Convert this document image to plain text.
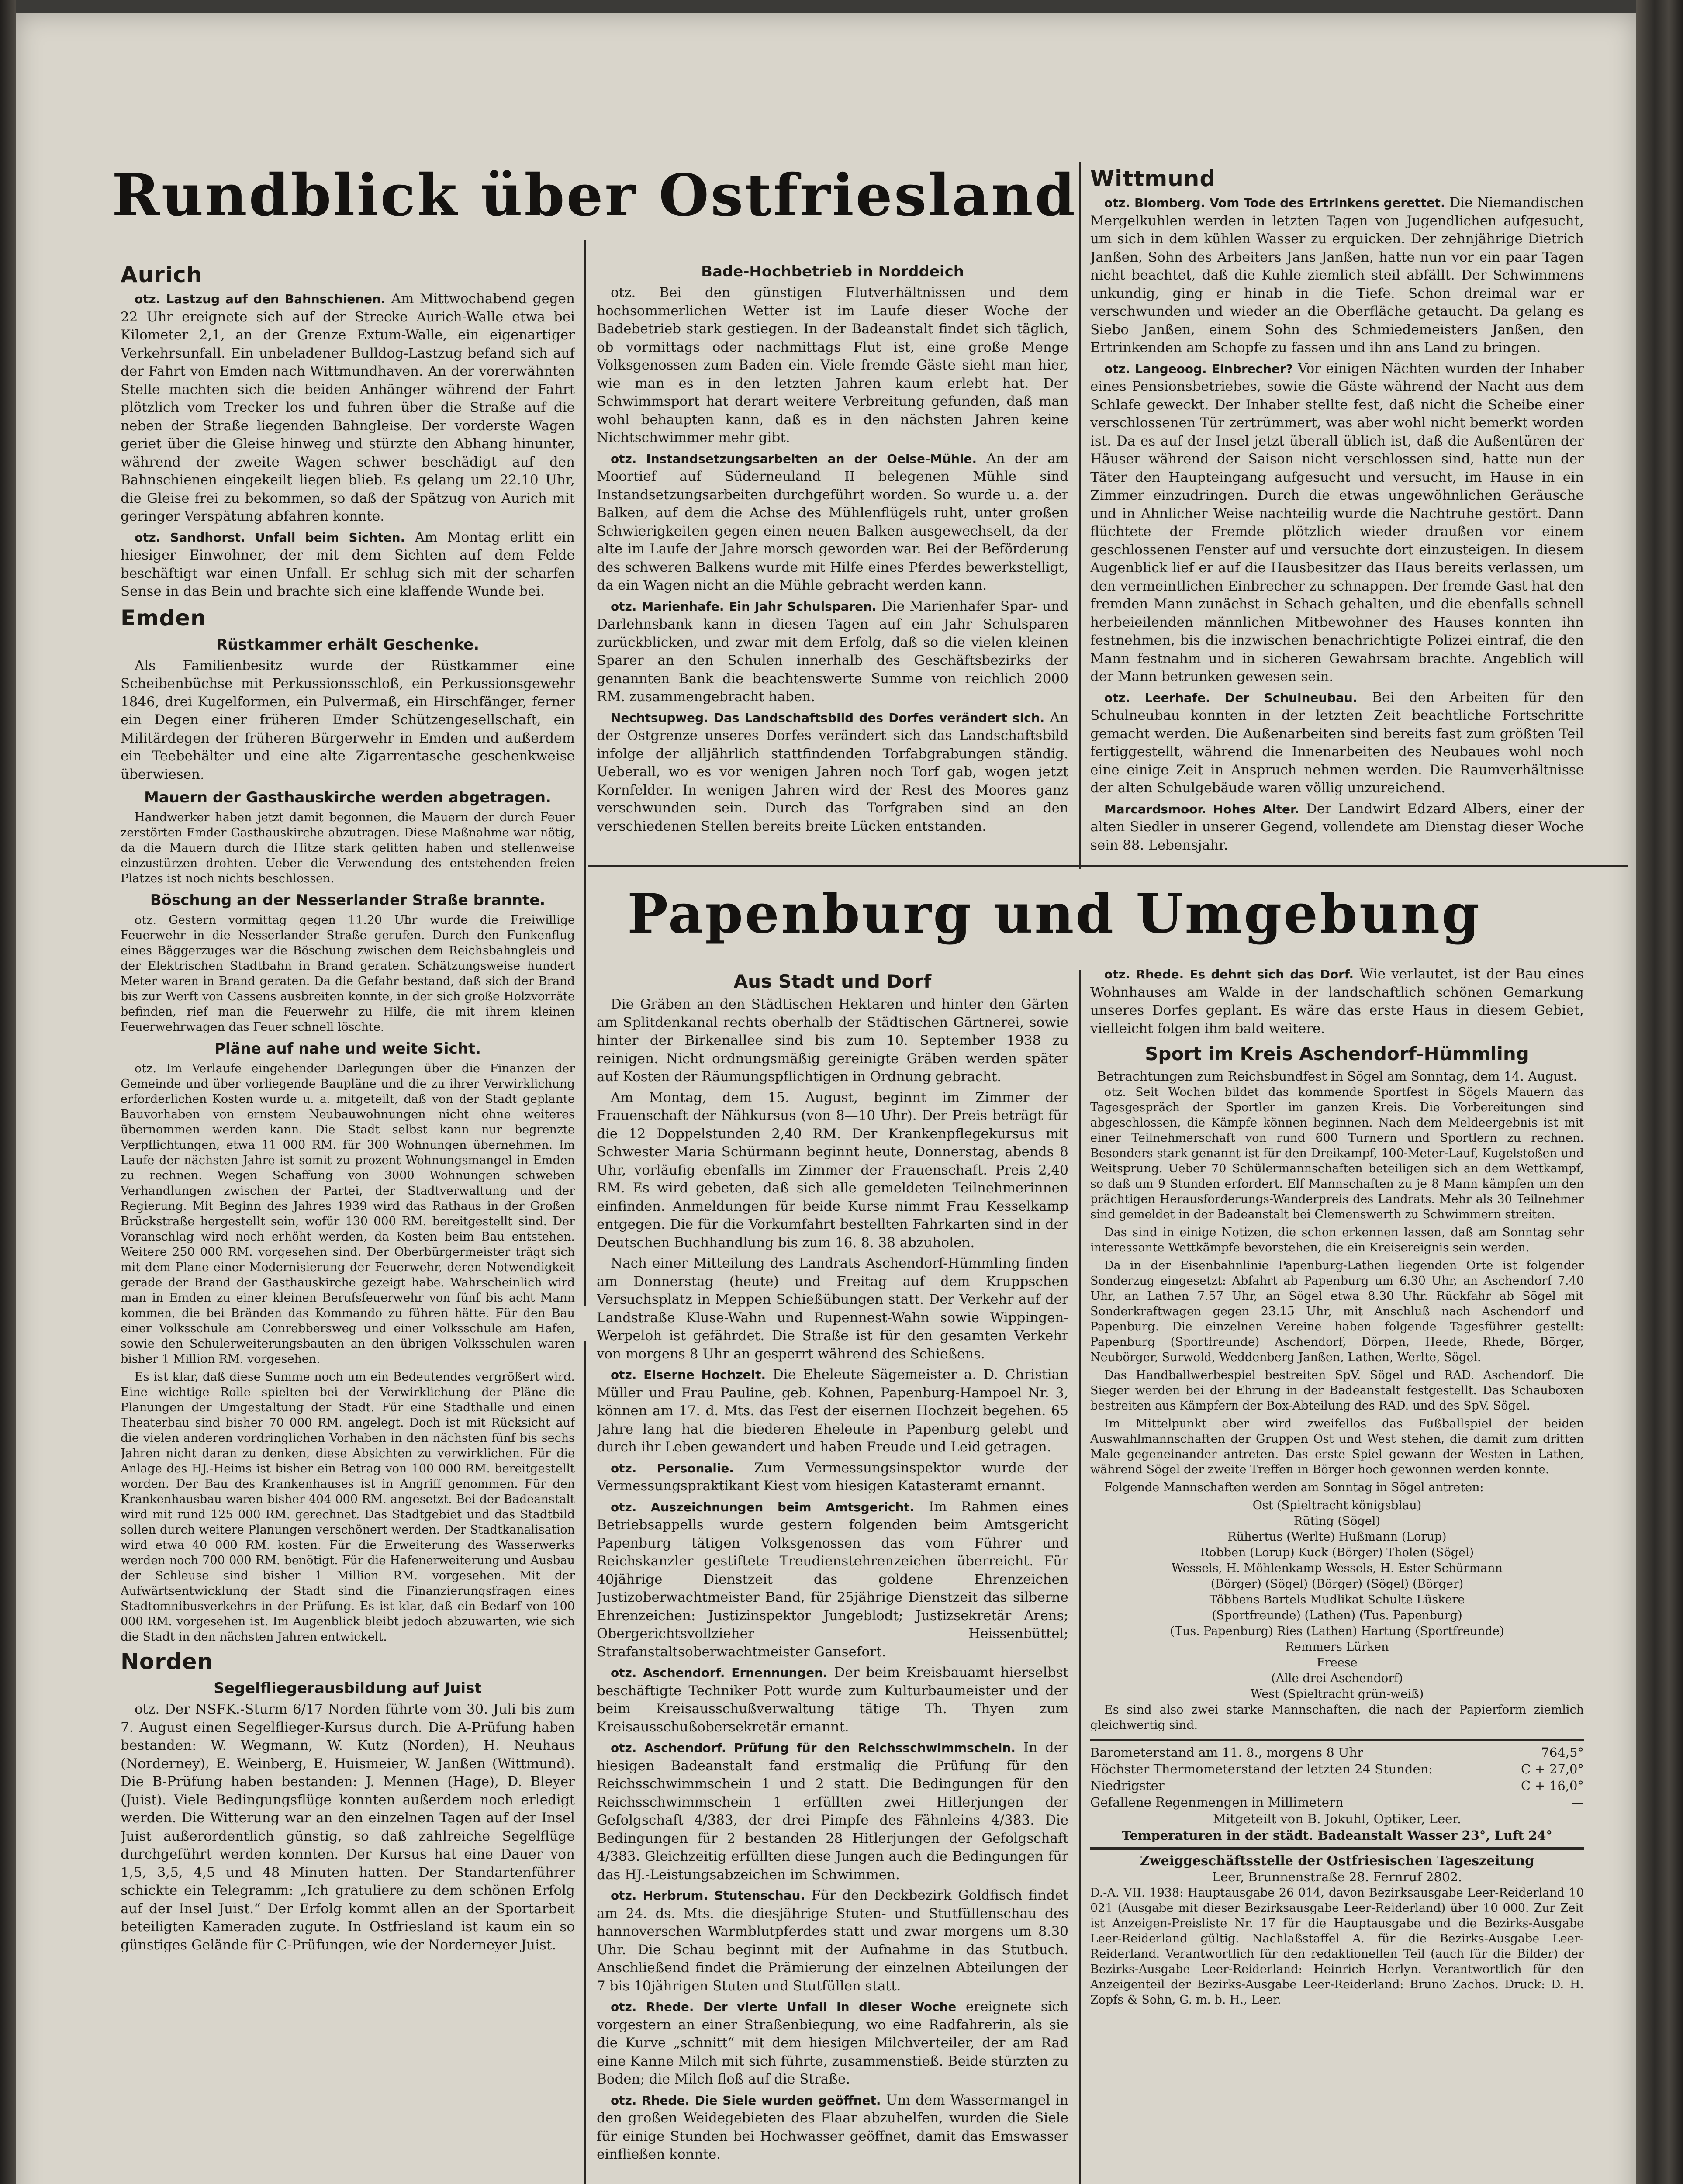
Rundblick über Ostfriesland
Aurich

otz. Lastzug auf den Bahnschienen. Am Mittwochabend gegen 22 Uhr ereignete sich auf der Strecke Aurich-Walle etwa bei Kilometer 2,1, an der Grenze Extum-Walle, ein eigenartiger Verkehrsunfall. Ein unbeladener Bulldog-Lastzug befand sich auf der Fahrt von Emden nach Wittmundhaven. An der vorerwähnten Stelle machten sich die beiden Anhänger während der Fahrt plötzlich vom Trecker los und fuhren über die Straße auf die neben der Straße liegenden Bahngleise. Der vorderste Wagen geriet über die Gleise hinweg und stürzte den Abhang hinunter, während der zweite Wagen schwer beschädigt auf den Bahnschienen eingekeilt liegen blieb. Es gelang um 22.10 Uhr, die Gleise frei zu bekommen, so daß der Spätzug von Aurich mit geringer Verspätung abfahren konnte.

otz. Sandhorst. Unfall beim Sichten. Am Montag erlitt ein hiesiger Einwohner, der mit dem Sichten auf dem Felde beschäftigt war einen Unfall. Er schlug sich mit der scharfen Sense in das Bein und brachte sich eine klaffende Wunde bei.

Emden
Rüstkammer erhält Geschenke.

Als Familienbesitz wurde der Rüstkammer eine Scheibenbüchse mit Perkussionsschloß, ein Perkussionsgewehr 1846, drei Kugelformen, ein Pulvermaß, ein Hirschfänger, ferner ein Degen einer früheren Emder Schützengesellschaft, ein Militärdegen der früheren Bürgerwehr in Emden und außerdem ein Teebehälter und eine alte Zigarrentasche geschenkweise überwiesen.

Mauern der Gasthauskirche werden abgetragen.

Handwerker haben jetzt damit begonnen, die Mauern der durch Feuer zerstörten Emder Gasthauskirche abzutragen. Diese Maßnahme war nötig, da die Mauern durch die Hitze stark gelitten haben und stellenweise einzustürzen drohten. Ueber die Verwendung des entstehenden freien Platzes ist noch nichts beschlossen.

Böschung an der Nesserlander Straße brannte.

otz. Gestern vormittag gegen 11.20 Uhr wurde die Freiwillige Feuerwehr in die Nesserlander Straße gerufen. Durch den Funkenflug eines Bäggerzuges war die Böschung zwischen dem Reichsbahngleis und der Elektrischen Stadtbahn in Brand geraten. Schätzungsweise hundert Meter waren in Brand geraten. Da die Gefahr bestand, daß sich der Brand bis zur Werft von Cassens ausbreiten konnte, in der sich große Holzvorräte befinden, rief man die Feuerwehr zu Hilfe, die mit ihrem kleinen Feuerwehrwagen das Feuer schnell löschte.

Pläne auf nahe und weite Sicht.

otz. Im Verlaufe eingehender Darlegungen über die Finanzen der Gemeinde und über vorliegende Baupläne und die zu ihrer Verwirklichung erforderlichen Kosten wurde u. a. mitgeteilt, daß von der Stadt geplante Bauvorhaben von ernstem Neubauwohnungen nicht ohne weiteres übernommen werden kann. Die Stadt selbst kann nur begrenzte Verpflichtungen, etwa 11 000 RM. für 300 Wohnungen übernehmen. Im Laufe der nächsten Jahre ist somit zu prozent Wohnungsmangel in Emden zu rechnen. Wegen Schaffung von 3000 Wohnungen schweben Verhandlungen zwischen der Partei, der Stadtverwaltung und der Regierung. Mit Beginn des Jahres 1939 wird das Rathaus in der Großen Brückstraße hergestellt sein, wofür 130 000 RM. bereitgestellt sind. Der Voranschlag wird noch erhöht werden, da Kosten beim Bau entstehen. Weitere 250 000 RM. vorgesehen sind. Der Oberbürgermeister trägt sich mit dem Plane einer Modernisierung der Feuerwehr, deren Notwendigkeit gerade der Brand der Gasthauskirche gezeigt habe. Wahrscheinlich wird man in Emden zu einer kleinen Berufsfeuerwehr von fünf bis acht Mann kommen, die bei Bränden das Kommando zu führen hätte. Für den Bau einer Volksschule am Conrebbersweg und einer Volksschule am Hafen, sowie den Schulerweiterungsbauten an den übrigen Volksschulen waren bisher 1 Million RM. vorgesehen.

Es ist klar, daß diese Summe noch um ein Bedeutendes vergrößert wird. Eine wichtige Rolle spielten bei der Verwirklichung der Pläne die Planungen der Umgestaltung der Stadt. Für eine Stadthalle und einen Theaterbau sind bisher 70 000 RM. angelegt. Doch ist mit Rücksicht auf die vielen anderen vordringlichen Vorhaben in den nächsten fünf bis sechs Jahren nicht daran zu denken, diese Absichten zu verwirklichen. Für die Anlage des HJ.-Heims ist bisher ein Betrag von 100 000 RM. bereitgestellt worden. Der Bau des Krankenhauses ist in Angriff genommen. Für den Krankenhausbau waren bisher 404 000 RM. angesetzt. Bei der Badeanstalt wird mit rund 125 000 RM. gerechnet. Das Stadtgebiet und das Stadtbild sollen durch weitere Planungen verschönert werden. Der Stadtkanalisation wird etwa 40 000 RM. kosten. Für die Erweiterung des Wasserwerks werden noch 700 000 RM. benötigt. Für die Hafenerweiterung und Ausbau der Schleuse sind bisher 1 Million RM. vorgesehen. Mit der Aufwärtsentwicklung der Stadt sind die Finanzierungsfragen eines Stadtomnibusverkehrs in der Prüfung. Es ist klar, daß ein Bedarf von 100 000 RM. vorgesehen ist. Im Augenblick bleibt jedoch abzuwarten, wie sich die Stadt in den nächsten Jahren entwickelt.

Norden
Segelfliegerausbildung auf Juist

otz. Der NSFK.-Sturm 6/17 Norden führte vom 30. Juli bis zum 7. August einen Segelflieger-Kursus durch. Die A-Prüfung haben bestanden: W. Wegmann, W. Kutz (Norden), H. Neuhaus (Norderney), E. Weinberg, E. Huismeier, W. Janßen (Wittmund). Die B-Prüfung haben bestanden: J. Mennen (Hage), D. Bleyer (Juist). Viele Bedingungsflüge konnten außerdem noch erledigt werden. Die Witterung war an den einzelnen Tagen auf der Insel Juist außerordentlich günstig, so daß zahlreiche Segelflüge durchgeführt werden konnten. Der Kursus hat eine Dauer von 1,5, 3,5, 4,5 und 48 Minuten hatten. Der Standartenführer schickte ein Telegramm: „Ich gratuliere zu dem schönen Erfolg auf der Insel Juist.“ Der Erfolg kommt allen an der Sportarbeit beteiligten Kameraden zugute. In Ostfriesland ist kaum ein so günstiges Gelände für C-Prüfungen, wie der Norderneyer Juist.

Bade-Hochbetrieb in Norddeich

otz. Bei den günstigen Flutverhältnissen und dem hochsommerlichen Wetter ist im Laufe dieser Woche der Badebetrieb stark gestiegen. In der Badeanstalt findet sich täglich, ob vormittags oder nachmittags Flut ist, eine große Menge Volksgenossen zum Baden ein. Viele fremde Gäste sieht man hier, wie man es in den letzten Jahren kaum erlebt hat. Der Schwimmsport hat derart weitere Verbreitung gefunden, daß man wohl behaupten kann, daß es in den nächsten Jahren keine Nichtschwimmer mehr gibt.

otz. Instandsetzungsarbeiten an der Oelse-Mühle. An der am Moortief auf Süderneuland II belegenen Mühle sind Instandsetzungsarbeiten durchgeführt worden. So wurde u. a. der Balken, auf dem die Achse des Mühlenflügels ruht, unter großen Schwierigkeiten gegen einen neuen Balken ausgewechselt, da der alte im Laufe der Jahre morsch geworden war. Bei der Beförderung des schweren Balkens wurde mit Hilfe eines Pferdes bewerkstelligt, da ein Wagen nicht an die Mühle gebracht werden kann.

otz. Marienhafe. Ein Jahr Schulsparen. Die Marienhafer Spar- und Darlehnsbank kann in diesen Tagen auf ein Jahr Schulsparen zurückblicken, und zwar mit dem Erfolg, daß so die vielen kleinen Sparer an den Schulen innerhalb des Geschäftsbezirks der genannten Bank die beachtenswerte Summe von reichlich 2000 RM. zusammengebracht haben.

Nechtsupweg. Das Landschaftsbild des Dorfes verändert sich. An der Ostgrenze unseres Dorfes verändert sich das Landschaftsbild infolge der alljährlich stattfindenden Torfabgrabungen ständig. Ueberall, wo es vor wenigen Jahren noch Torf gab, wogen jetzt Kornfelder. In wenigen Jahren wird der Rest des Moores ganz verschwunden sein. Durch das Torfgraben sind an den verschiedenen Stellen bereits breite Lücken entstanden.

Wittmund

otz. Blomberg. Vom Tode des Ertrinkens gerettet. Die Niemandischen Mergelkuhlen werden in letzten Tagen von Jugendlichen aufgesucht, um sich in dem kühlen Wasser zu erquicken. Der zehnjährige Dietrich Janßen, Sohn des Arbeiters Jans Janßen, hatte nun vor ein paar Tagen nicht beachtet, daß die Kuhle ziemlich steil abfällt. Der Schwimmens unkundig, ging er hinab in die Tiefe. Schon dreimal war er verschwunden und wieder an die Oberfläche getaucht. Da gelang es Siebo Janßen, einem Sohn des Schmiedemeisters Janßen, den Ertrinkenden am Schopfe zu fassen und ihn ans Land zu bringen.

otz. Langeoog. Einbrecher? Vor einigen Nächten wurden der Inhaber eines Pensionsbetriebes, sowie die Gäste während der Nacht aus dem Schlafe geweckt. Der Inhaber stellte fest, daß nicht die Scheibe einer verschlossenen Tür zertrümmert, was aber wohl nicht bemerkt worden ist. Da es auf der Insel jetzt überall üblich ist, daß die Außentüren der Häuser während der Saison nicht verschlossen sind, hatte nun der Täter den Haupteingang aufgesucht und versucht, im Hause in ein Zimmer einzudringen. Durch die etwas ungewöhnlichen Geräusche und in Ahnlicher Weise nachteilig wurde die Nachtruhe gestört. Dann flüchtete der Fremde plötzlich wieder draußen vor einem geschlossenen Fenster auf und versuchte dort einzusteigen. In diesem Augenblick lief er auf die Hausbesitzer das Haus bereits verlassen, um den vermeintlichen Einbrecher zu schnappen. Der fremde Gast hat den fremden Mann zunächst in Schach gehalten, und die ebenfalls schnell herbeieilenden männlichen Mitbewohner des Hauses konnten ihn festnehmen, bis die inzwischen benachrichtigte Polizei eintraf, die den Mann festnahm und in sicheren Gewahrsam brachte. Angeblich will der Mann betrunken gewesen sein.

otz. Leerhafe. Der Schulneubau. Bei den Arbeiten für den Schulneubau konnten in der letzten Zeit beachtliche Fortschritte gemacht werden. Die Außenarbeiten sind bereits fast zum größten Teil fertiggestellt, während die Innenarbeiten des Neubaues wohl noch eine einige Zeit in Anspruch nehmen werden. Die Raumverhältnisse der alten Schulgebäude waren völlig unzureichend.

Marcardsmoor. Hohes Alter. Der Landwirt Edzard Albers, einer der alten Siedler in unserer Gegend, vollendete am Dienstag dieser Woche sein 88. Lebensjahr.

Papenburg und Umgebung
Aus Stadt und Dorf

Die Gräben an den Städtischen Hektaren und hinter den Gärten am Splitdenkanal rechts oberhalb der Städtischen Gärtnerei, sowie hinter der Birkenallee sind bis zum 10. September 1938 zu reinigen. Nicht ordnungsmäßig gereinigte Gräben werden später auf Kosten der Räumungspflichtigen in Ordnung gebracht.

Am Montag, dem 15. August, beginnt im Zimmer der Frauenschaft der Nähkursus (von 8—10 Uhr). Der Preis beträgt für die 12 Doppelstunden 2,40 RM. Der Krankenpflegekursus mit Schwester Maria Schürmann beginnt heute, Donnerstag, abends 8 Uhr, vorläufig ebenfalls im Zimmer der Frauenschaft. Preis 2,40 RM. Es wird gebeten, daß sich alle gemeldeten Teilnehmerinnen einfinden. Anmeldungen für beide Kurse nimmt Frau Kesselkamp entgegen. Die für die Vorkumfahrt bestellten Fahrkarten sind in der Deutschen Buchhandlung bis zum 16. 8. 38 abzuholen.

Nach einer Mitteilung des Landrats Aschendorf-Hümmling finden am Donnerstag (heute) und Freitag auf dem Kruppschen Versuchsplatz in Meppen Schießübungen statt. Der Verkehr auf der Landstraße Kluse-Wahn und Rupennest-Wahn sowie Wippingen-Werpeloh ist gefährdet. Die Straße ist für den gesamten Verkehr von morgens 8 Uhr an gesperrt während des Schießens.

otz. Eiserne Hochzeit. Die Eheleute Sägemeister a. D. Christian Müller und Frau Pauline, geb. Kohnen, Papenburg-Hampoel Nr. 3, können am 17. d. Mts. das Fest der eisernen Hochzeit begehen. 65 Jahre lang hat die biederen Eheleute in Papenburg gelebt und durch ihr Leben gewandert und haben Freude und Leid getragen.

otz. Personalie. Zum Vermessungsinspektor wurde der Vermessungspraktikant Kiest vom hiesigen Katasteramt ernannt.

otz. Auszeichnungen beim Amtsgericht. Im Rahmen eines Betriebsappells wurde gestern folgenden beim Amtsgericht Papenburg tätigen Volksgenossen das vom Führer und Reichskanzler gestiftete Treudienstehrenzeichen überreicht. Für 40jährige Dienstzeit das goldene Ehrenzeichen Justizoberwachtmeister Band, für 25jährige Dienstzeit das silberne Ehrenzeichen: Justizinspektor Jungeblodt; Justizsekretär Arens; Obergerichtsvollzieher Heissenbüttel; Strafanstaltsoberwachtmeister Gansefort.

otz. Aschendorf. Ernennungen. Der beim Kreisbauamt hierselbst beschäftigte Techniker Pott wurde zum Kulturbaumeister und der beim Kreisausschußverwaltung tätige Th. Thyen zum Kreisausschußobersekretär ernannt.

otz. Aschendorf. Prüfung für den Reichsschwimmschein. In der hiesigen Badeanstalt fand erstmalig die Prüfung für den Reichsschwimmschein 1 und 2 statt. Die Bedingungen für den Reichsschwimmschein 1 erfüllten zwei Hitlerjungen der Gefolgschaft 4/383, der drei Pimpfe des Fähnleins 4/383. Die Bedingungen für 2 bestanden 28 Hitlerjungen der Gefolgschaft 4/383. Gleichzeitig erfüllten diese Jungen auch die Bedingungen für das HJ.-Leistungsabzeichen im Schwimmen.

otz. Herbrum. Stutenschau. Für den Deckbezirk Goldfisch findet am 24. ds. Mts. die diesjährige Stuten- und Stutfüllenschau des hannoverschen Warmblutpferdes statt und zwar morgens um 8.30 Uhr. Die Schau beginnt mit der Aufnahme in das Stutbuch. Anschließend findet die Prämierung der einzelnen Abteilungen der 7 bis 10jährigen Stuten und Stutfüllen statt.

otz. Rhede. Der vierte Unfall in dieser Woche ereignete sich vorgestern an einer Straßenbiegung, wo eine Radfahrerin, als sie die Kurve „schnitt“ mit dem hiesigen Milchverteiler, der am Rad eine Kanne Milch mit sich führte, zusammenstieß. Beide stürzten zu Boden; die Milch floß auf die Straße.

otz. Rhede. Die Siele wurden geöffnet. Um dem Wassermangel in den großen Weidegebieten des Flaar abzuhelfen, wurden die Siele für einige Stunden bei Hochwasser geöffnet, damit das Emswasser einfließen konnte.

otz. Rhede. Es dehnt sich das Dorf. Wie verlautet, ist der Bau eines Wohnhauses am Walde in der landschaftlich schönen Gemarkung unseres Dorfes geplant. Es wäre das erste Haus in diesem Gebiet, vielleicht folgen ihm bald weitere.

Sport im Kreis Aschendorf-Hümmling
Betrachtungen zum Reichsbundfest in Sögel am Sonntag, dem 14. August.

otz. Seit Wochen bildet das kommende Sportfest in Sögels Mauern das Tagesgespräch der Sportler im ganzen Kreis. Die Vorbereitungen sind abgeschlossen, die Kämpfe können beginnen. Nach dem Meldeergebnis ist mit einer Teilnehmerschaft von rund 600 Turnern und Sportlern zu rechnen. Besonders stark genannt ist für den Dreikampf, 100-Meter-Lauf, Kugelstoßen und Weitsprung. Ueber 70 Schülermannschaften beteiligen sich an dem Wettkampf, so daß um 9 Stunden erfordert. Elf Mannschaften zu je 8 Mann kämpfen um den prächtigen Herausforderungs-Wanderpreis des Landrats. Mehr als 30 Teilnehmer sind gemeldet in der Badeanstalt bei Clemenswerth zu Schwimmern streiten.

Das sind in einige Notizen, die schon erkennen lassen, daß am Sonntag sehr interessante Wettkämpfe bevorstehen, die ein Kreisereignis sein werden.

Da in der Eisenbahnlinie Papenburg-Lathen liegenden Orte ist folgender Sonderzug eingesetzt: Abfahrt ab Papenburg um 6.30 Uhr, an Aschendorf 7.40 Uhr, an Lathen 7.57 Uhr, an Sögel etwa 8.30 Uhr. Rückfahr ab Sögel mit Sonderkraftwagen gegen 23.15 Uhr, mit Anschluß nach Aschendorf und Papenburg. Die einzelnen Vereine haben folgende Tagesführer gestellt: Papenburg (Sportfreunde) Aschendorf, Dörpen, Heede, Rhede, Börger, Neubörger, Surwold, Weddenberg Janßen, Lathen, Werlte, Sögel.

Das Handballwerbespiel bestreiten SpV. Sögel und RAD. Aschendorf. Die Sieger werden bei der Ehrung in der Badeanstalt festgestellt. Das Schauboxen bestreiten aus Kämpfern der Box-Abteilung des RAD. und des SpV. Sögel.

Im Mittelpunkt aber wird zweifellos das Fußballspiel der beiden Auswahlmannschaften der Gruppen Ost und West stehen, die damit zum dritten Male gegeneinander antreten. Das erste Spiel gewann der Westen in Lathen, während Sögel der zweite Treffen in Börger hoch gewonnen werden konnte.

Folgende Mannschaften werden am Sonntag in Sögel antreten:

Ost (Spieltracht königsblau)
Rüting (Sögel)
Rühertus (Werlte) Hußmann (Lorup)
Robben (Lorup) Kuck (Börger) Tholen (Sögel)
Wessels, H. Möhlenkamp Wessels, H. Ester Schürmann
(Börger) (Sögel) (Börger) (Sögel) (Börger)
Többens Bartels Mudlikat Schulte Lüskere
(Sportfreunde) (Lathen) (Tus. Papenburg)
(Tus. Papenburg) Ries (Lathen) Hartung (Sportfreunde)
Remmers Lürken
Freese
(Alle drei Aschendorf)
West (Spieltracht grün-weiß)

Es sind also zwei starke Mannschaften, die nach der Papierform ziemlich gleichwertig sind.

Barometerstand am 11. 8., morgens 8 Uhr	764,5°
Höchster Thermometerstand der letzten 24 Stunden:	C + 27,0°
Niedrigster	C + 16,0°
Gefallene Regenmengen in Millimetern	—
Mitgeteilt von B. Jokuhl, Optiker, Leer.
Temperaturen in der städt. Badeanstalt Wasser 23°, Luft 24°
Zweiggeschäftsstelle der Ostfriesischen Tageszeitung
Leer, Brunnenstraße 28. Fernruf 2802.

D.-A. VII. 1938: Hauptausgabe 26 014, davon Bezirksausgabe Leer-Reiderland 10 021 (Ausgabe mit dieser Bezirksausgabe Leer-Reiderland) über 10 000. Zur Zeit ist Anzeigen-Preisliste Nr. 17 für die Hauptausgabe und die Bezirks-Ausgabe Leer-Reiderland gültig. Nachlaßstaffel A. für die Bezirks-Ausgabe Leer-Reiderland. Verantwortlich für den redaktionellen Teil (auch für die Bilder) der Bezirks-Ausgabe Leer-Reiderland: Heinrich Herlyn. Verantwortlich für den Anzeigenteil der Bezirks-Ausgabe Leer-Reiderland: Bruno Zachos. Druck: D. H. Zopfs & Sohn, G. m. b. H., Leer.
